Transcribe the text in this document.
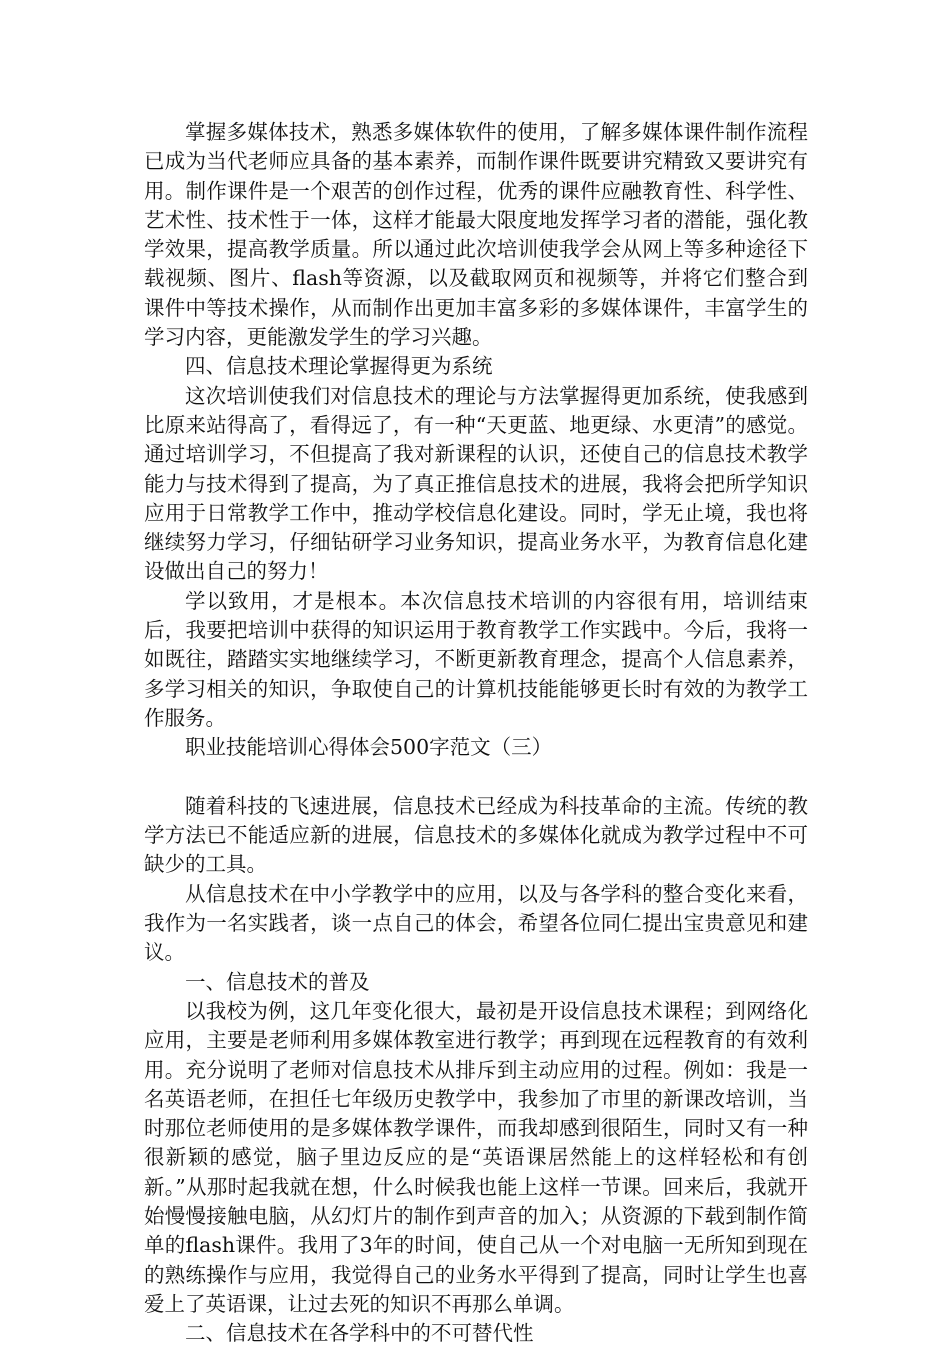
掌握多媒体技术，熟悉多媒体软件的使用，了解多媒体课件制作流程已成为当代老师应具备的基本素养，而制作课件既要讲究精致又要讲究有用。制作课件是一个艰苦的创作过程，优秀的课件应融教育性、科学性、艺术性、技术性于一体，这样才能最大限度地发挥学习者的潜能，强化教学效果，提高教学质量。所以通过此次培训使我学会从网上等多种途径下载视频、图片、flash等资源，以及截取网页和视频等，并将它们整合到课件中等技术操作，从而制作出更加丰富多彩的多媒体课件，丰富学生的学习内容，更能激发学生的学习兴趣。

四、信息技术理论掌握得更为系统

这次培训使我们对信息技术的理论与方法掌握得更加系统，使我感到比原来站得高了，看得远了，有一种“天更蓝、地更绿、水更清”的感觉。通过培训学习，不但提高了我对新课程的认识，还使自己的信息技术教学能力与技术得到了提高，为了真正推信息技术的进展，我将会把所学知识应用于日常教学工作中，推动学校信息化建设。同时，学无止境，我也将继续努力学习，仔细钻研学习业务知识，提高业务水平，为教育信息化建设做出自己的努力！

学以致用，才是根本。本次信息技术培训的内容很有用，培训结束后，我要把培训中获得的知识运用于教育教学工作实践中。今后，我将一如既往，踏踏实实地继续学习，不断更新教育理念，提高个人信息素养，多学习相关的知识，争取使自己的计算机技能能够更长时有效的为教学工作服务。

职业技能培训心得体会500字范文（三）

随着科技的飞速进展，信息技术已经成为科技革命的主流。传统的教学方法已不能适应新的进展，信息技术的多媒体化就成为教学过程中不可缺少的工具。

从信息技术在中小学教学中的应用，以及与各学科的整合变化来看，我作为一名实践者，谈一点自己的体会，希望各位同仁提出宝贵意见和建议。

一、信息技术的普及

以我校为例，这几年变化很大，最初是开设信息技术课程；到网络化应用，主要是老师利用多媒体教室进行教学；再到现在远程教育的有效利用。充分说明了老师对信息技术从排斥到主动应用的过程。例如：我是一名英语老师，在担任七年级历史教学中，我参加了市里的新课改培训，当时那位老师使用的是多媒体教学课件，而我却感到很陌生，同时又有一种很新颖的感觉，脑子里边反应的是“英语课居然能上的这样轻松和有创新。”从那时起我就在想，什么时候我也能上这样一节课。回来后，我就开始慢慢接触电脑，从幻灯片的制作到声音的加入；从资源的下载到制作简单的flash课件。我用了3年的时间，使自己从一个对电脑一无所知到现在的熟练操作与应用，我觉得自己的业务水平得到了提高，同时让学生也喜爱上了英语课，让过去死的知识不再那么单调。

二、信息技术在各学科中的不可替代性
